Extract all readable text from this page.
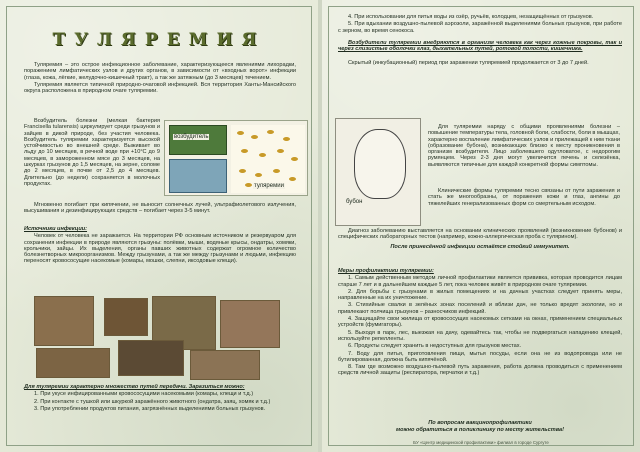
ТУЛЯРЕМИЯ

Туляремия – это острое инфекционное заболевание, характеризующееся явлениями лихорадки, поражением лимфатических узлов и других органов, в зависимости от «входных ворот» инфекции (глаза, кожа, лёгкие, желудочно-кишечный тракт), а так же затяжным (до 3 месяцев) течением.

Туляремия является типичной природно-очаговой инфекцией. Вся территория Ханты-Мансийского округа расположена в природном очаге туляремии.

Возбудитель болезни (мелкая бактерия Francisella tularensis) циркулирует среди грызунов и зайцев в дикой природе, без участия человека. Возбудитель туляремии характеризуется высокой устойчивостью во внешней среде. Выживает во льду до 10 месяцев, в речной воде при +10°С до 9 месяцев, в замороженном мясе до 3 месяцев, на шкурках грызунов до 1,5 месяцев, на зерне, соломе до 2 месяцев, в почве от 2,5 до 4 месяцев. Длительно (до недели) сохраняется в молочных продуктах.

Мгновенно погибает при кипячении, не выносит солнечных лучей, ультрафиолетового излучения, высушивания и дезинфицирующих средств – погибает через 3-5 минут.

возбудитель
туляремии

Источники инфекции:

Человек от человека не заражается. На территории РФ основным источником и резервуаром для сохранения инфекции в природе являются грызуны: полёвки, мыши, водяные крысы, ондатры, хомяки, крольчики, зайцы. Их выделения, органы павших животных содержат огромное количество болезнетворных микроорганизмов. Между грызунами, а так же между грызунами и людьми, инфекцию переносят кровососущие насекомые (комары, мошки, слепни, иксодовые клещи).

Для туляремии характерно множество путей передачи. Заразиться можно:

1. При укусе инфицированными кровососущими насекомыми (комары, клещи и т.д.)

2. При контакте с тушкой или шкуркой заражённого животного (ондатра, заяц, хомяк и т.д.)

3. При употреблении продуктов питания, загрязнённых выделениями больных грызунов.

4. При использовании для питья воды из озёр, ручьёв, колодцев, незащищённых от грызунов.

5. При вдыхании воздушно-пылевой аэрозоли, заражённой выделениями больных грызунов, при работе с зерном, во время сенокоса.

Возбудители туляремии внедряются в организм человека как через кожные покровы, так и через слизистые оболочки глаз, дыхательных путей, ротовой полости, кишечника.

Скрытый (инкубационный) период при заражении туляремией продолжается от 3 до 7 дней.

бубон

Для туляремии наряду с общими проявлениями болезни – повышение температуры тела, головной боли, слабости, боли в мышцах, характерно воспаление лимфатических узлов и прилежащей к ним ткани (образование бубона), возникающих близко к месту проникновения в организм возбудителя. Лицо заболевшего одутловатое, с недорогим румянцем. Через 2-3 дня могут увеличится печень и селезёнка, выявляются типичные для каждой конкретной формы симптомы.

Клинические формы туляремии тесно связаны от пути заражения и стать же многообразны, от поражения кожи и глаз, ангины до тяжелейших генерализованных форм со смертельным исходом.

Диагноз заболеванию выставляется на основании клинических проявлений (возникновение бубонов) и специфических лабораторных тестов (например, кожно-аллергическая проба с тулярином).

После принесённой инфекции остаётся стойкий иммунитет.

Меры профилактики туляремии:

1. Самым действенным методом личной профилактики является прививка, которая проводится лицам старше 7 лет и в дальнейшем каждые 5 лет, пока человек живёт в природном очаге туляремии.

2. Для борьбы с грызунами в жилых помещениях и на дачных участках следует принять меры, направленные на их уничтожение.

3. Стихийные свалки в зелёных зонах поселений и вблизи дач, не только вредят экологии, но и привлекают полчища грызунов – разносчиков инфекций.

4. Защищайте свои жилища от кровососущих насекомых сетками на окнах, применением специальных устройств (фумигаторы).

5. Выходя в парк, лес, выезжая на дачу, одевайтесь так, чтобы не подвергаться нападению клещей, используйте репелленты.

6. Продукты следует хранить в недоступных для грызунов местах.

7. Воду для питья, приготовления пищи, мытья посуды, если она не из водопровода или не бутилированная, должна быть кипячёной.

8. Там где возможно воздушно-пылевой путь заражения, работа должна проводиться с применением средств личной защиты (респиратора, перчатки и т.д.)

По вопросам вакцинопрофилактики

можно обратиться в поликлинику по месту жительства!

БУ «Центр медицинской профилактики» филиал в городе Сургуте
